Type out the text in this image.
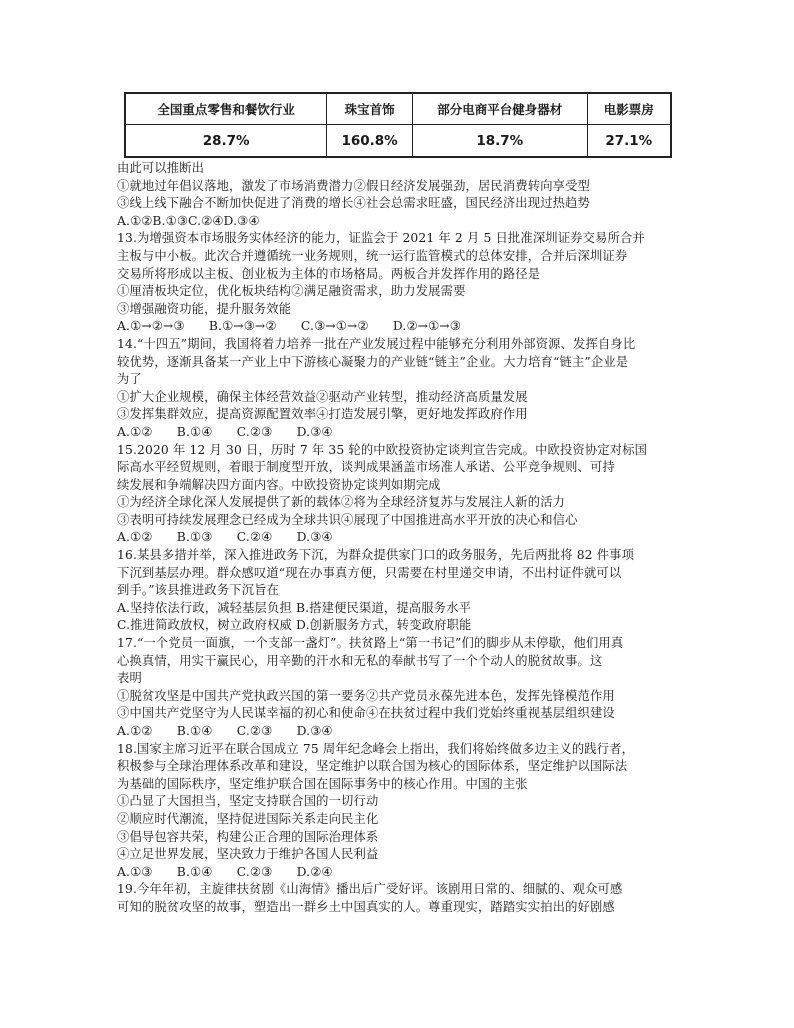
全国重点零售和餐饮行业	珠宝首饰	部分电商平台健身器材	电影票房
28.7%	160.8%	18.7%	27.1%
由此可以推断出
①就地过年倡议落地，激发了市场消费潜力②假日经济发展强劲，居民消费转向享受型
③线上线下融合不断加快促进了消费的增长④社会总需求旺盛，国民经济出现过热趋势
A.①②B.①③C.②④D.③④
13.为增强资本市场服务实体经济的能力，证监会于 2021 年 2 月 5 日批准深圳证券交易所合并
主板与中小板。此次合并遵循统一业务规则，统一运行监管模式的总体安排，合并后深圳证券
交易所将形成以主板、创业板为主体的市场格局。两板合并发挥作用的路径是
①厘清板块定位，优化板块结构②满足融资需求，助力发展需要
③增强融资功能，提升服务效能
A.①→②→③      B.①→③→②      C.③→①→②      D.②→①→③
14.“十四五”期间，我国将着力培养一批在产业发展过程中能够充分利用外部资源、发挥自身比
较优势，逐渐具备某一产业上中下游核心凝聚力的产业链“链主”企业。大力培育“链主”企业是
为了
①扩大企业规模，确保主体经营效益②驱动产业转型，推动经济高质量发展
③发挥集群效应，提高资源配置效率④打造发展引擎，更好地发挥政府作用
A.①②      B.①④      C.②③      D.③④
15.2020 年 12 月 30 日，历时 7 年 35 轮的中欧投资协定谈判宣告完成。中欧投资协定对标国
际高水平经贸规则，着眼于制度型开放，谈判成果涵盖市场准人承诺、公平竞争规则、可持
续发展和争端解决四方面内容。中欧投资协定谈判如期完成
①为经济全球化深人发展提供了新的载体②将为全球经济复苏与发展注人新的活力
③表明可持续发展理念已经成为全球共识④展现了中国推进高水平开放的决心和信心
A.①②      B.①③      C.②④      D.③④
16.某县多措并举，深入推进政务下沉，为群众提供家门口的政务服务，先后两批将 82 件事项
下沉到基层办理。群众感叹道“现在办事真方便，只需要在村里递交申请，不出村证件就可以
到手。”该县推进政务下沉旨在
A.坚持依法行政，减轻基层负担 B.搭建便民渠道，提高服务水平
C.推进简政放权，树立政府权威 D.创新服务方式，转变政府职能
17.“一个党员一面旗，一个支部一盏灯”。扶贫路上“第一书记”们的脚步从未停歇，他们用真
心换真情，用实干赢民心，用辛勤的汗水和无私的奉献书写了一个个动人的脱贫故事。这
表明
①脱贫攻坚是中国共产党执政兴国的第一要务②共产党员永葆先进本色，发挥先锋模范作用
③中国共产党坚守为人民谋幸福的初心和使命④在扶贫过程中我们党始终重视基层组织建设
A.①②      B.①④      C.②③      D.③④
18.国家主席习近平在联合国成立 75 周年纪念峰会上指出，我们将始终做多边主义的践行者，
积极参与全球治理体系改革和建设，坚定维护以联合国为核心的国际体系，坚定维护以国际法
为基础的国际秩序，坚定维护联合国在国际事务中的核心作用。中国的主张
①凸显了大国担当，坚定支持联合国的一切行动
②顺应时代潮流，坚持促进国际关系走向民主化
③倡导包容共荣，构建公正合理的国际治理体系
④立足世界发展，坚决致力于维护各国人民利益
A.①③      B.①④      C.②③      D.②④
19.今年年初，主旋律扶贫剧《山海情》播出后广受好评。该剧用日常的、细腻的、观众可感
可知的脱贫攻坚的故事，塑造出一群乡土中国真实的人。尊重现实，踏踏实实拍出的好剧感
